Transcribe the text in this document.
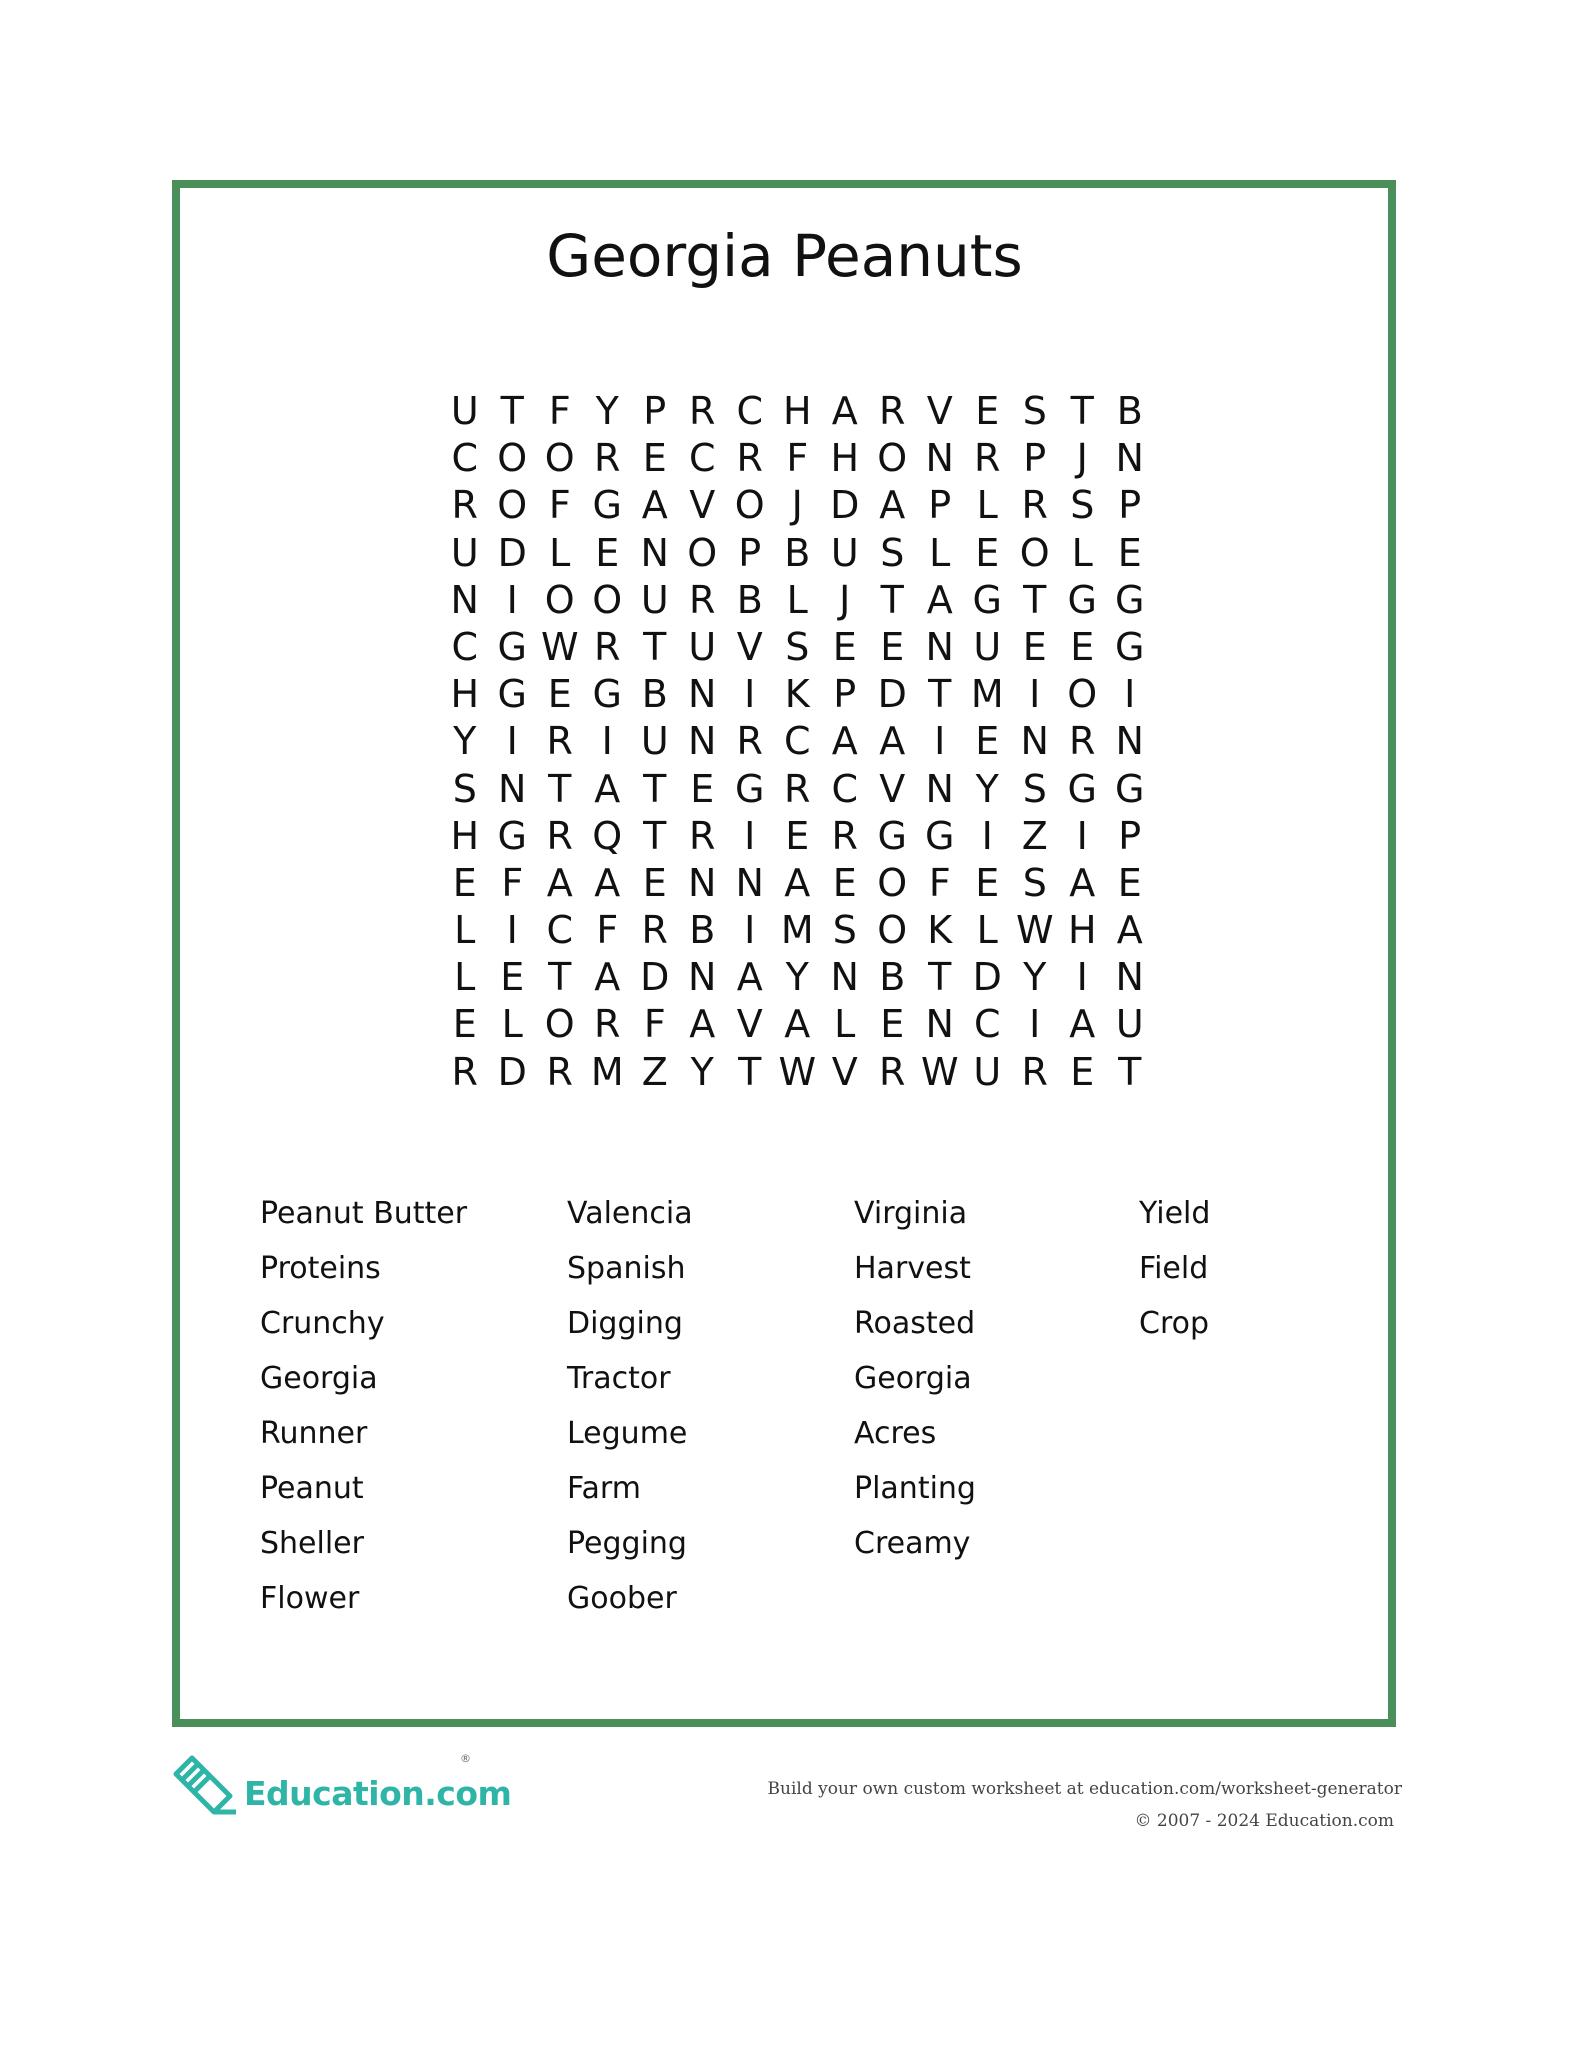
Georgia Peanuts
U T F Y P R C H A R V E S T B
C O O R E C R F H O N R P J N
R O F G A V O J D A P L R S P
U D L E N O P B U S L E O L E
N I O O U R B L J T A G T G G
C G W R T U V S E E N U E E G
H G E G B N I K P D T M I O I
Y I R I U N R C A A I E N R N
S N T A T E G R C V N Y S G G
H G R Q T R I E R G G I Z I P
E F A A E N N A E O F E S A E
L I C F R B I M S O K L W H A
L E T A D N A Y N B T D Y I N
E L O R F A V A L E N C I A U
R D R M Z Y T W V R W U R E T
Peanut Butter
Proteins
Crunchy
Georgia
Runner
Peanut
Sheller
Flower
Valencia
Spanish
Digging
Tractor
Legume
Farm
Pegging
Goober
Virginia
Harvest
Roasted
Georgia
Acres
Planting
Creamy
Yield
Field
Crop
Education.com
®
Build your own custom worksheet at education.com/worksheet-generator
© 2007 - 2024 Education.com
